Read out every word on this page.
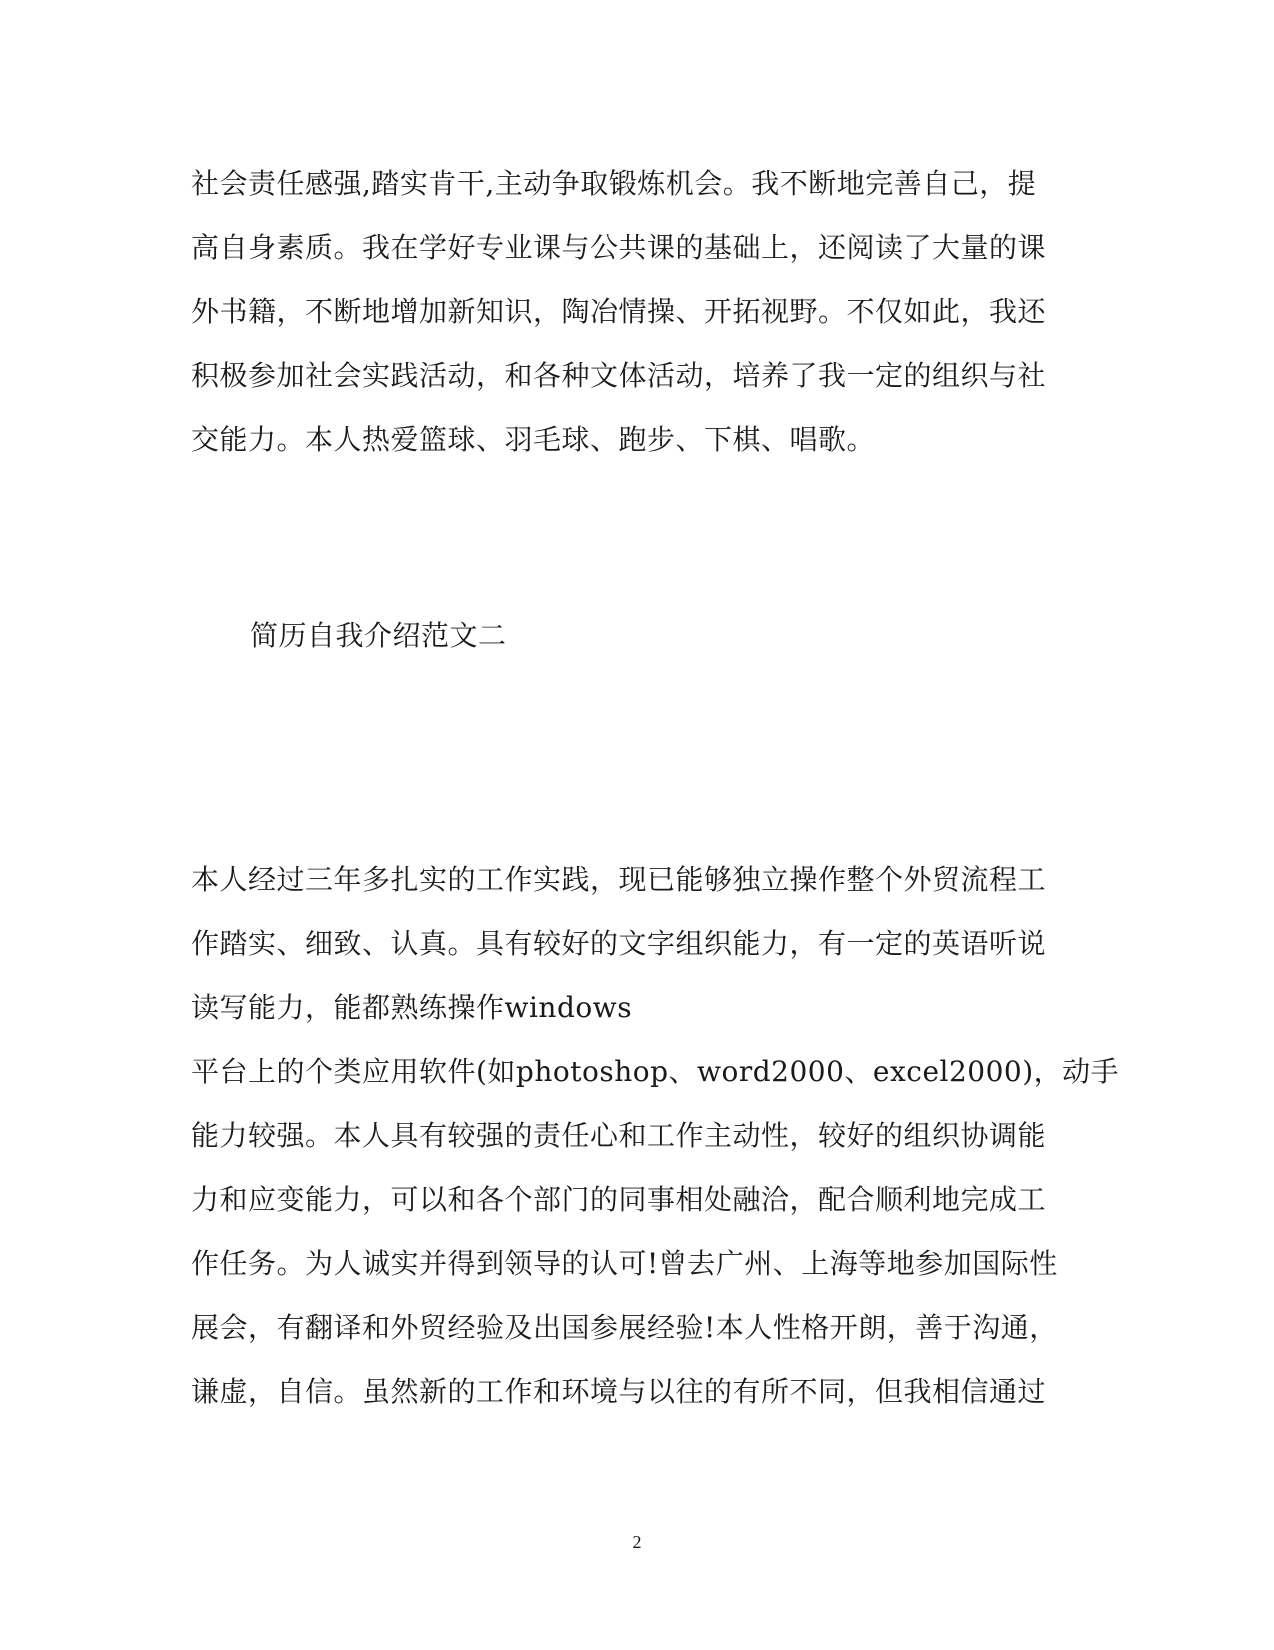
社会责任感强,踏实肯干,主动争取锻炼机会。我不断地完善自己，提
高自身素质。我在学好专业课与公共课的基础上，还阅读了大量的课
外书籍，不断地增加新知识，陶冶情操、开拓视野。不仅如此，我还
积极参加社会实践活动，和各种文体活动，培养了我一定的组织与社
交能力。本人热爱篮球、羽毛球、跑步、下棋、唱歌。
简历自我介绍范文二
本人经过三年多扎实的工作实践，现已能够独立操作整个外贸流程工
作踏实、细致、认真。具有较好的文字组织能力，有一定的英语听说
读写能力，能都熟练操作windows
平台上的个类应用软件(如photoshop、word2000、excel2000)，动手
能力较强。本人具有较强的责任心和工作主动性，较好的组织协调能
力和应变能力，可以和各个部门的同事相处融洽，配合顺利地完成工
作任务。为人诚实并得到领导的认可!曾去广州、上海等地参加国际性
展会，有翻译和外贸经验及出国参展经验!本人性格开朗，善于沟通，
谦虚，自信。虽然新的工作和环境与以往的有所不同，但我相信通过
2
